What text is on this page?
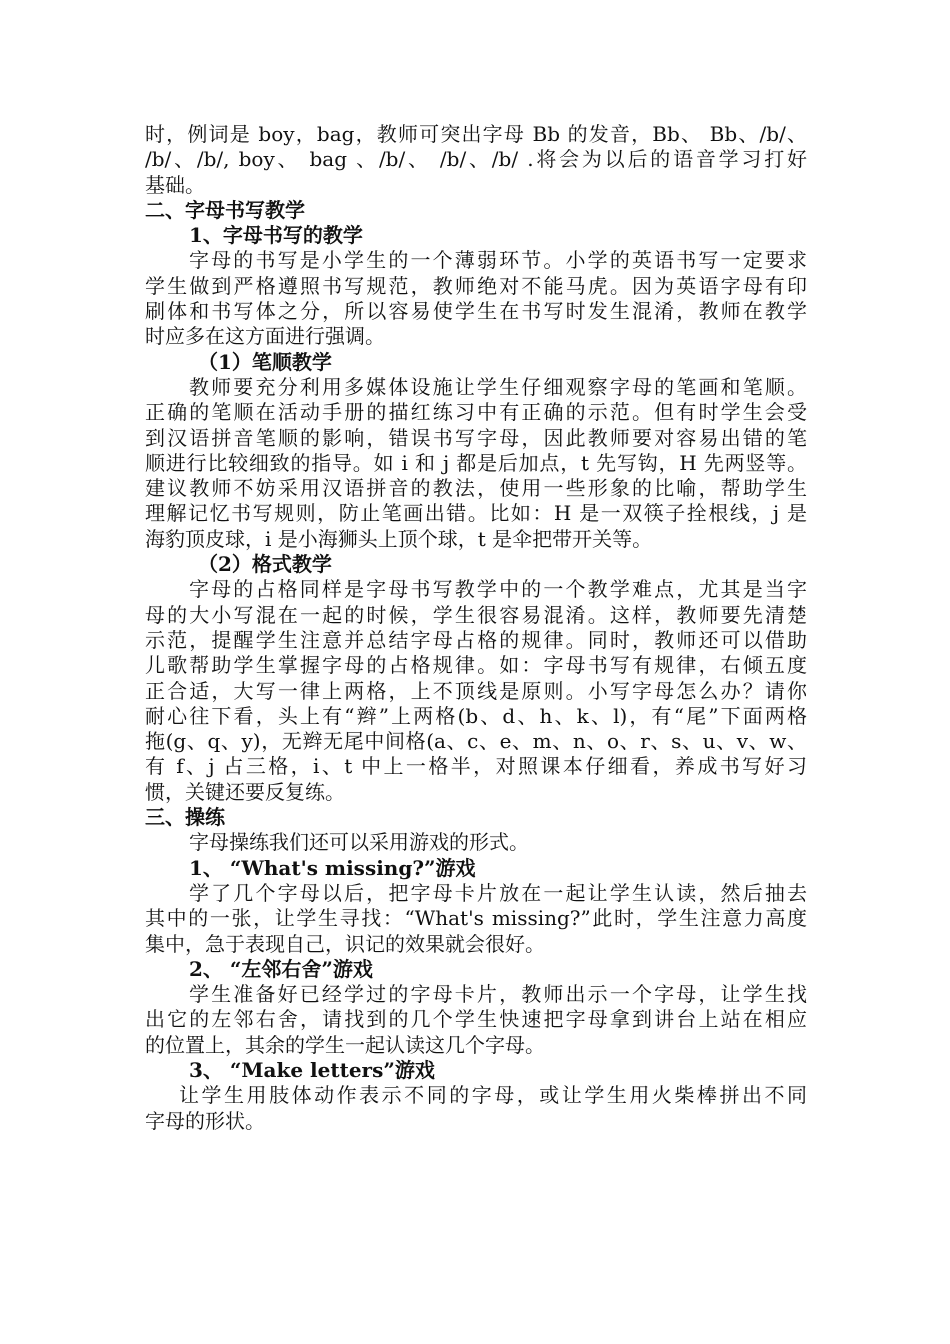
时，例词是 boy，bag，教师可突出字母 Bb 的发音，Bb、 Bb、/b/、
/b/、/b/, boy、 bag 、/b/、 /b/、/b/ .将会为以后的语音学习打好
基础。
二、字母书写教学
1、字母书写的教学
字母的书写是小学生的一个薄弱环节。小学的英语书写一定要求
学生做到严格遵照书写规范，教师绝对不能马虎。因为英语字母有印
刷体和书写体之分，所以容易使学生在书写时发生混淆，教师在教学
时应多在这方面进行强调。
（1）笔顺教学
教师要充分利用多媒体设施让学生仔细观察字母的笔画和笔顺。
正确的笔顺在活动手册的描红练习中有正确的示范。但有时学生会受
到汉语拼音笔顺的影响，错误书写字母，因此教师要对容易出错的笔
顺进行比较细致的指导。如 i 和 j 都是后加点，t 先写钩，H 先两竖等。
建议教师不妨采用汉语拼音的教法，使用一些形象的比喻，帮助学生
理解记忆书写规则，防止笔画出错。比如：H 是一双筷子拴根线，j 是
海豹顶皮球，i 是小海狮头上顶个球，t 是伞把带开关等。
（2）格式教学
字母的占格同样是字母书写教学中的一个教学难点，尤其是当字
母的大小写混在一起的时候，学生很容易混淆。这样，教师要先清楚
示范，提醒学生注意并总结字母占格的规律。同时，教师还可以借助
儿歌帮助学生掌握字母的占格规律。如：字母书写有规律，右倾五度
正合适，大写一律上两格，上不顶线是原则。小写字母怎么办？请你
耐心往下看，头上有“辫”上两格(b、d、h、k、l)，有“尾”下面两格
拖(g、q、y)，无辫无尾中间格(a、c、e、m、n、o、r、s、u、v、w、
有 f、j 占三格，i、t 中上一格半，对照课本仔细看，养成书写好习
惯，关键还要反复练。
三、操练
字母操练我们还可以采用游戏的形式。
1、 “What's missing?”游戏
学了几个字母以后，把字母卡片放在一起让学生认读，然后抽去
其中的一张，让学生寻找：“What's missing?”此时，学生注意力高度
集中，急于表现自己，识记的效果就会很好。
2、 “左邻右舍”游戏
学生准备好已经学过的字母卡片，教师出示一个字母，让学生找
出它的左邻右舍，请找到的几个学生快速把字母拿到讲台上站在相应
的位置上，其余的学生一起认读这几个字母。
3、 “Make letters”游戏
让学生用肢体动作表示不同的字母，或让学生用火柴棒拼出不同
字母的形状。
